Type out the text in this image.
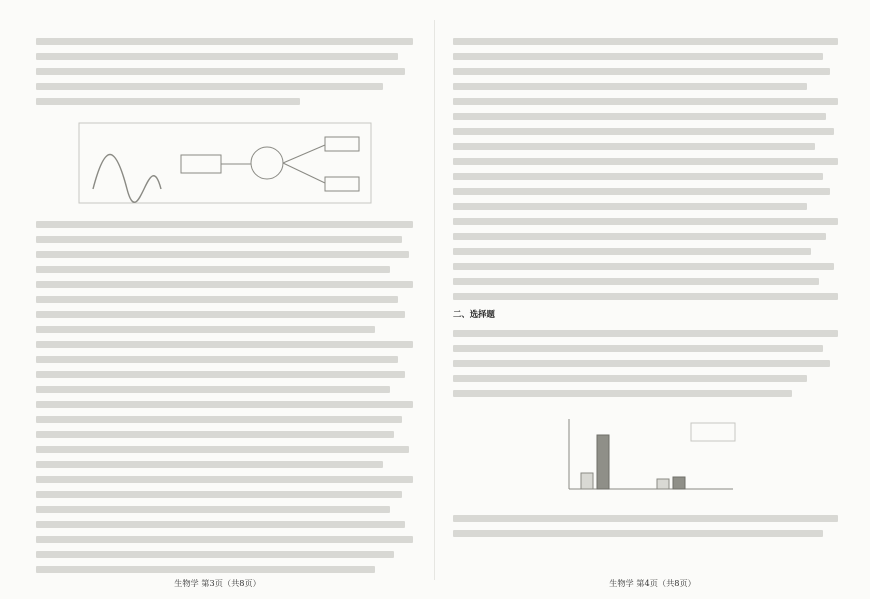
生物学 第3页（共8页）
二、选择题
生物学 第4页（共8页）
